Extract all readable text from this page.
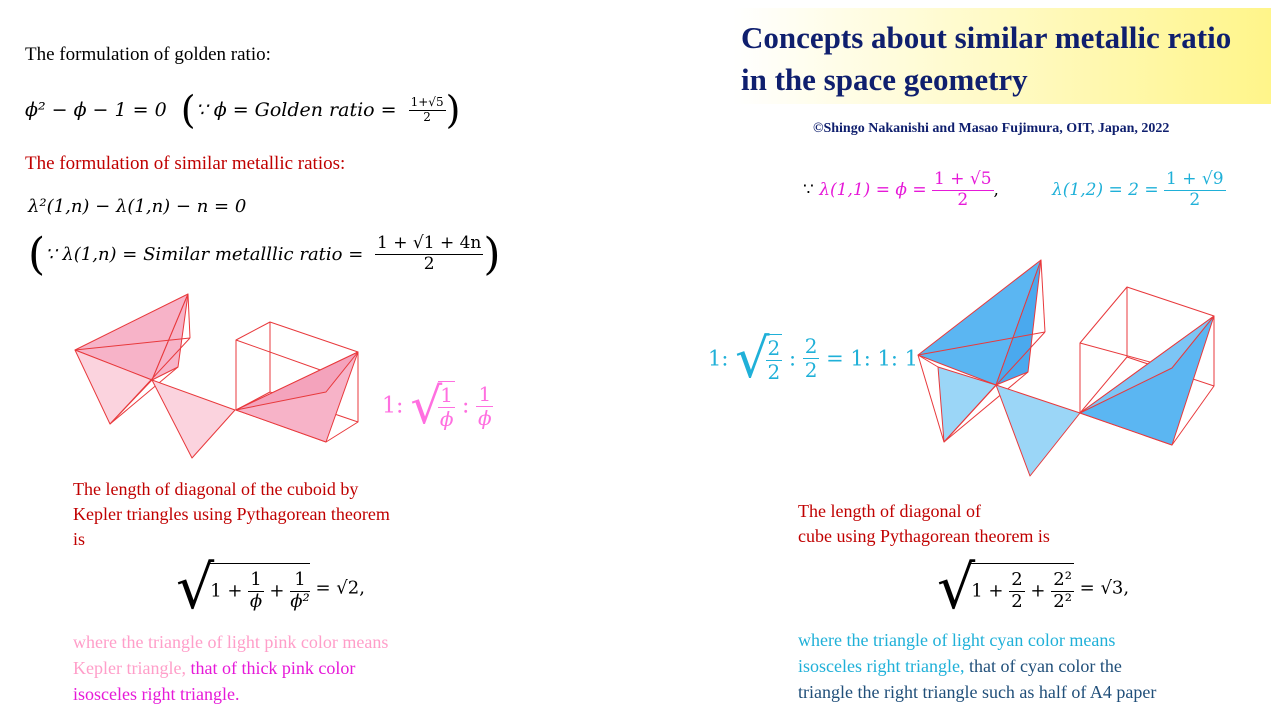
Concepts about similar metallic ratio
in the space geometry
©Shingo Nakanishi and Masao Fujimura, OIT, Japan, 2022
The formulation of golden ratio:
ϕ² − ϕ − 1 = 0 (∵ ϕ = Golden ratio = $\frac{1+√5}{2}$ )
The formulation of similar metallic ratios:
λ²(1,n) − λ(1,n) − n = 0
(∵ λ(1,n) = Similar metalllic ratio = $\frac{1 + √1 + 4n}{2}$ )
1: √
$\frac{1}{\phi}$ : $\frac{1}{\phi}$
The length of diagonal of the cuboid by
Kepler triangles using Pythagorean theorem
is
$√1 + \frac{1}{\phi} + \frac{1}{\text{ϕ²}} = √2$,
where the triangle of light pink color means
Kepler triangle, that of thick pink color
isosceles right triangle.
∵ $\lambda(1,1) = \phi = \frac{1 + √5}{2}$ ,	$\lambda(1,2) = 2 = \frac{1 + √9}{2}$
1: √
$\frac{2}{2}$ : $\frac{2}{2} = 1$: 1: 1
The length of diagonal of
cube using Pythagorean theorem is
$√1 + \frac{2}{2} + \frac{\text{2²}}{\text{2²}} = √3$,
where the triangle of light cyan color means
isosceles right triangle, that of cyan color the
triangle the right triangle such as half of A4 paper
